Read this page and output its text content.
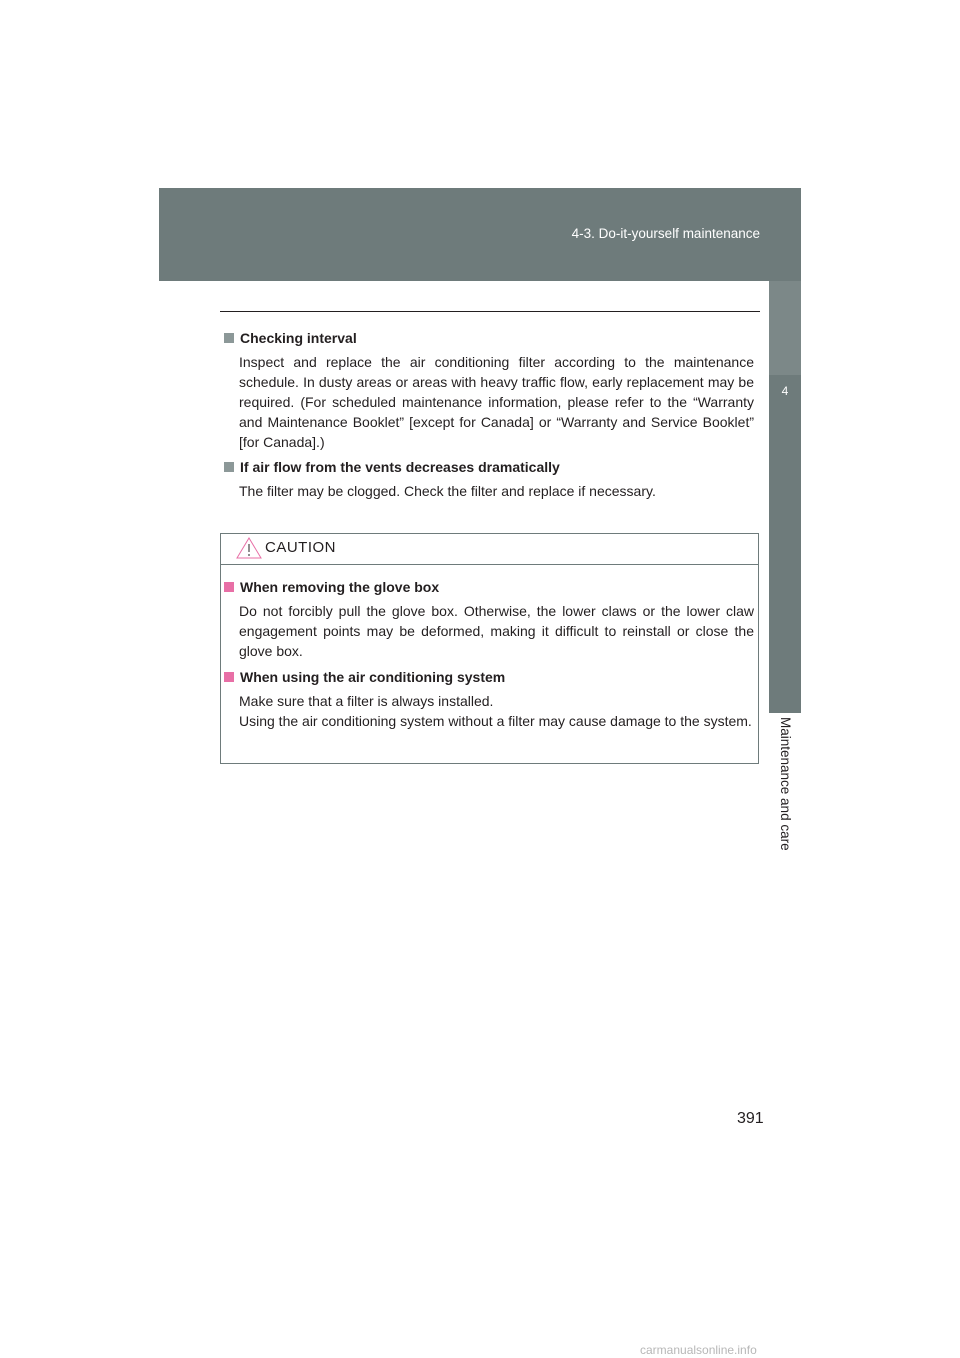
4-3. Do-it-yourself maintenance
4
Maintenance and care

Checking interval

Inspect and replace the air conditioning filter according to the maintenance schedule. In dusty areas or areas with heavy traffic flow, early replacement may be required. (For scheduled maintenance information, please refer to the “Warranty and Maintenance Booklet” [except for Canada] or “Warranty and Service Booklet” [for Canada].)

If air flow from the vents decreases dramatically

The filter may be clogged. Check the filter and replace if necessary.

CAUTION

When removing the glove box

Do not forcibly pull the glove box. Otherwise, the lower claws or the lower claw engagement points may be deformed, making it difficult to reinstall or close the glove box.

When using the air conditioning system

Make sure that a filter is always installed.

Using the air conditioning system without a filter may cause damage to the system.

391
carmanualsonline.info
